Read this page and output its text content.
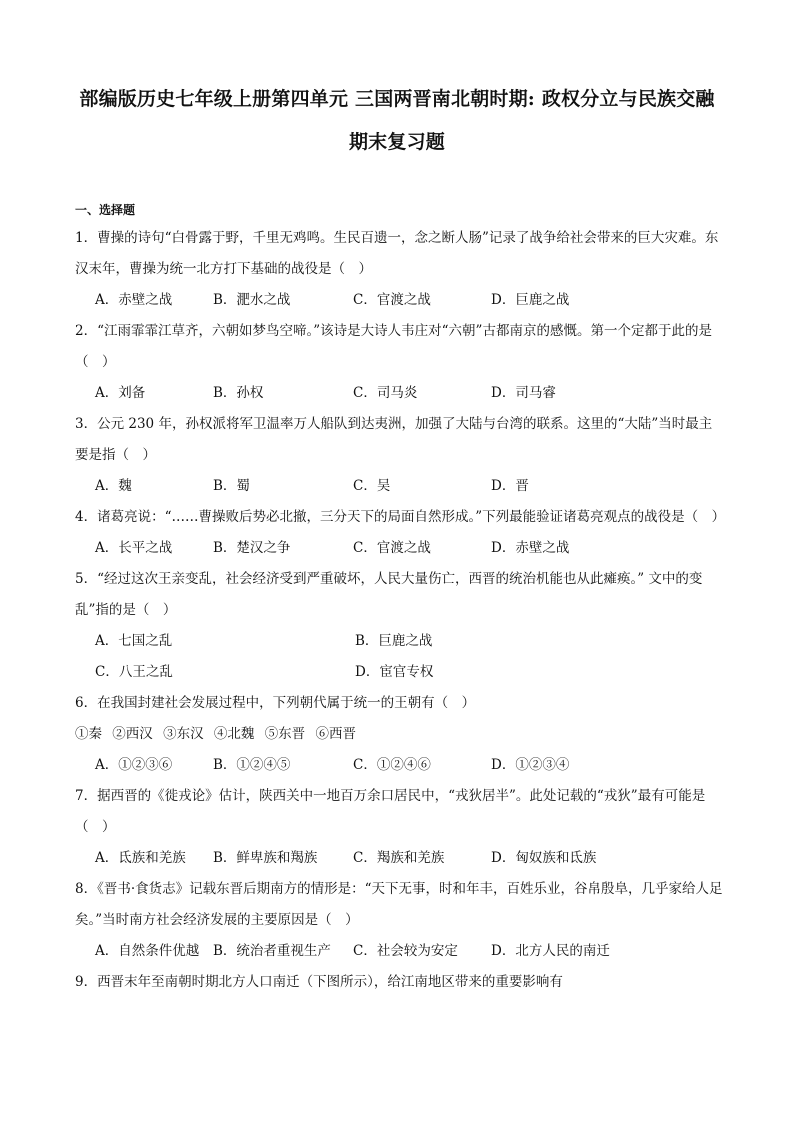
部编版历史七年级上册第四单元 三国两晋南北朝时期: 政权分立与民族交融 期末复习题
一、选择题
1．曹操的诗句“白骨露于野，千里无鸡鸣。生民百遗一，念之断人肠”记录了战争给社会带来的巨大灾难。东汉末年，曹操为统一北方打下基础的战役是（　）
A．赤壁之战	B．淝水之战	C．官渡之战	D．巨鹿之战
2．“江雨霏霏江草齐，六朝如梦鸟空啼。”该诗是大诗人韦庄对“六朝”古都南京的感慨。第一个定都于此的是（　）
A．刘备	B．孙权	C．司马炎	D．司马睿
3．公元 230 年，孙权派将军卫温率万人船队到达夷洲，加强了大陆与台湾的联系。这里的“大陆”当时最主要是指（　）
A．魏	B．蜀	C．吴	D．晋
4．诸葛亮说：“……曹操败后势必北撤，三分天下的局面自然形成。”下列最能验证诸葛亮观点的战役是（　）
A．长平之战	B．楚汉之争	C．官渡之战	D．赤壁之战
5．“经过这次王亲变乱，社会经济受到严重破坏，人民大量伤亡，西晋的统治机能也从此瘫痪。” 文中的变乱”指的是（　）
A．七国之乱	B．巨鹿之战
C．八王之乱	D．宦官专权
6．在我国封建社会发展过程中，下列朝代属于统一的王朝有（　）
①秦 ②西汉 ③东汉 ④北魏 ⑤东晋 ⑥西晋
A．①②③⑥	B．①②④⑤	C．①②④⑥	D．①②③④
7．据西晋的《徙戎论》估计，陕西关中一地百万余口居民中，“戎狄居半”。此处记载的“戎狄”最有可能是（　）
A．氐族和羌族	B．鲜卑族和羯族	C．羯族和羌族	D．匈奴族和氐族
8．《晋书·食货志》记载东晋后期南方的情形是：“天下无事，时和年丰，百姓乐业，谷帛殷阜，几乎家给人足矣。”当时南方社会经济发展的主要原因是（　）
A．自然条件优越	B．统治者重视生产	C．社会较为安定	D．北方人民的南迁
9．西晋末年至南朝时期北方人口南迁（下图所示），给江南地区带来的重要影响有
